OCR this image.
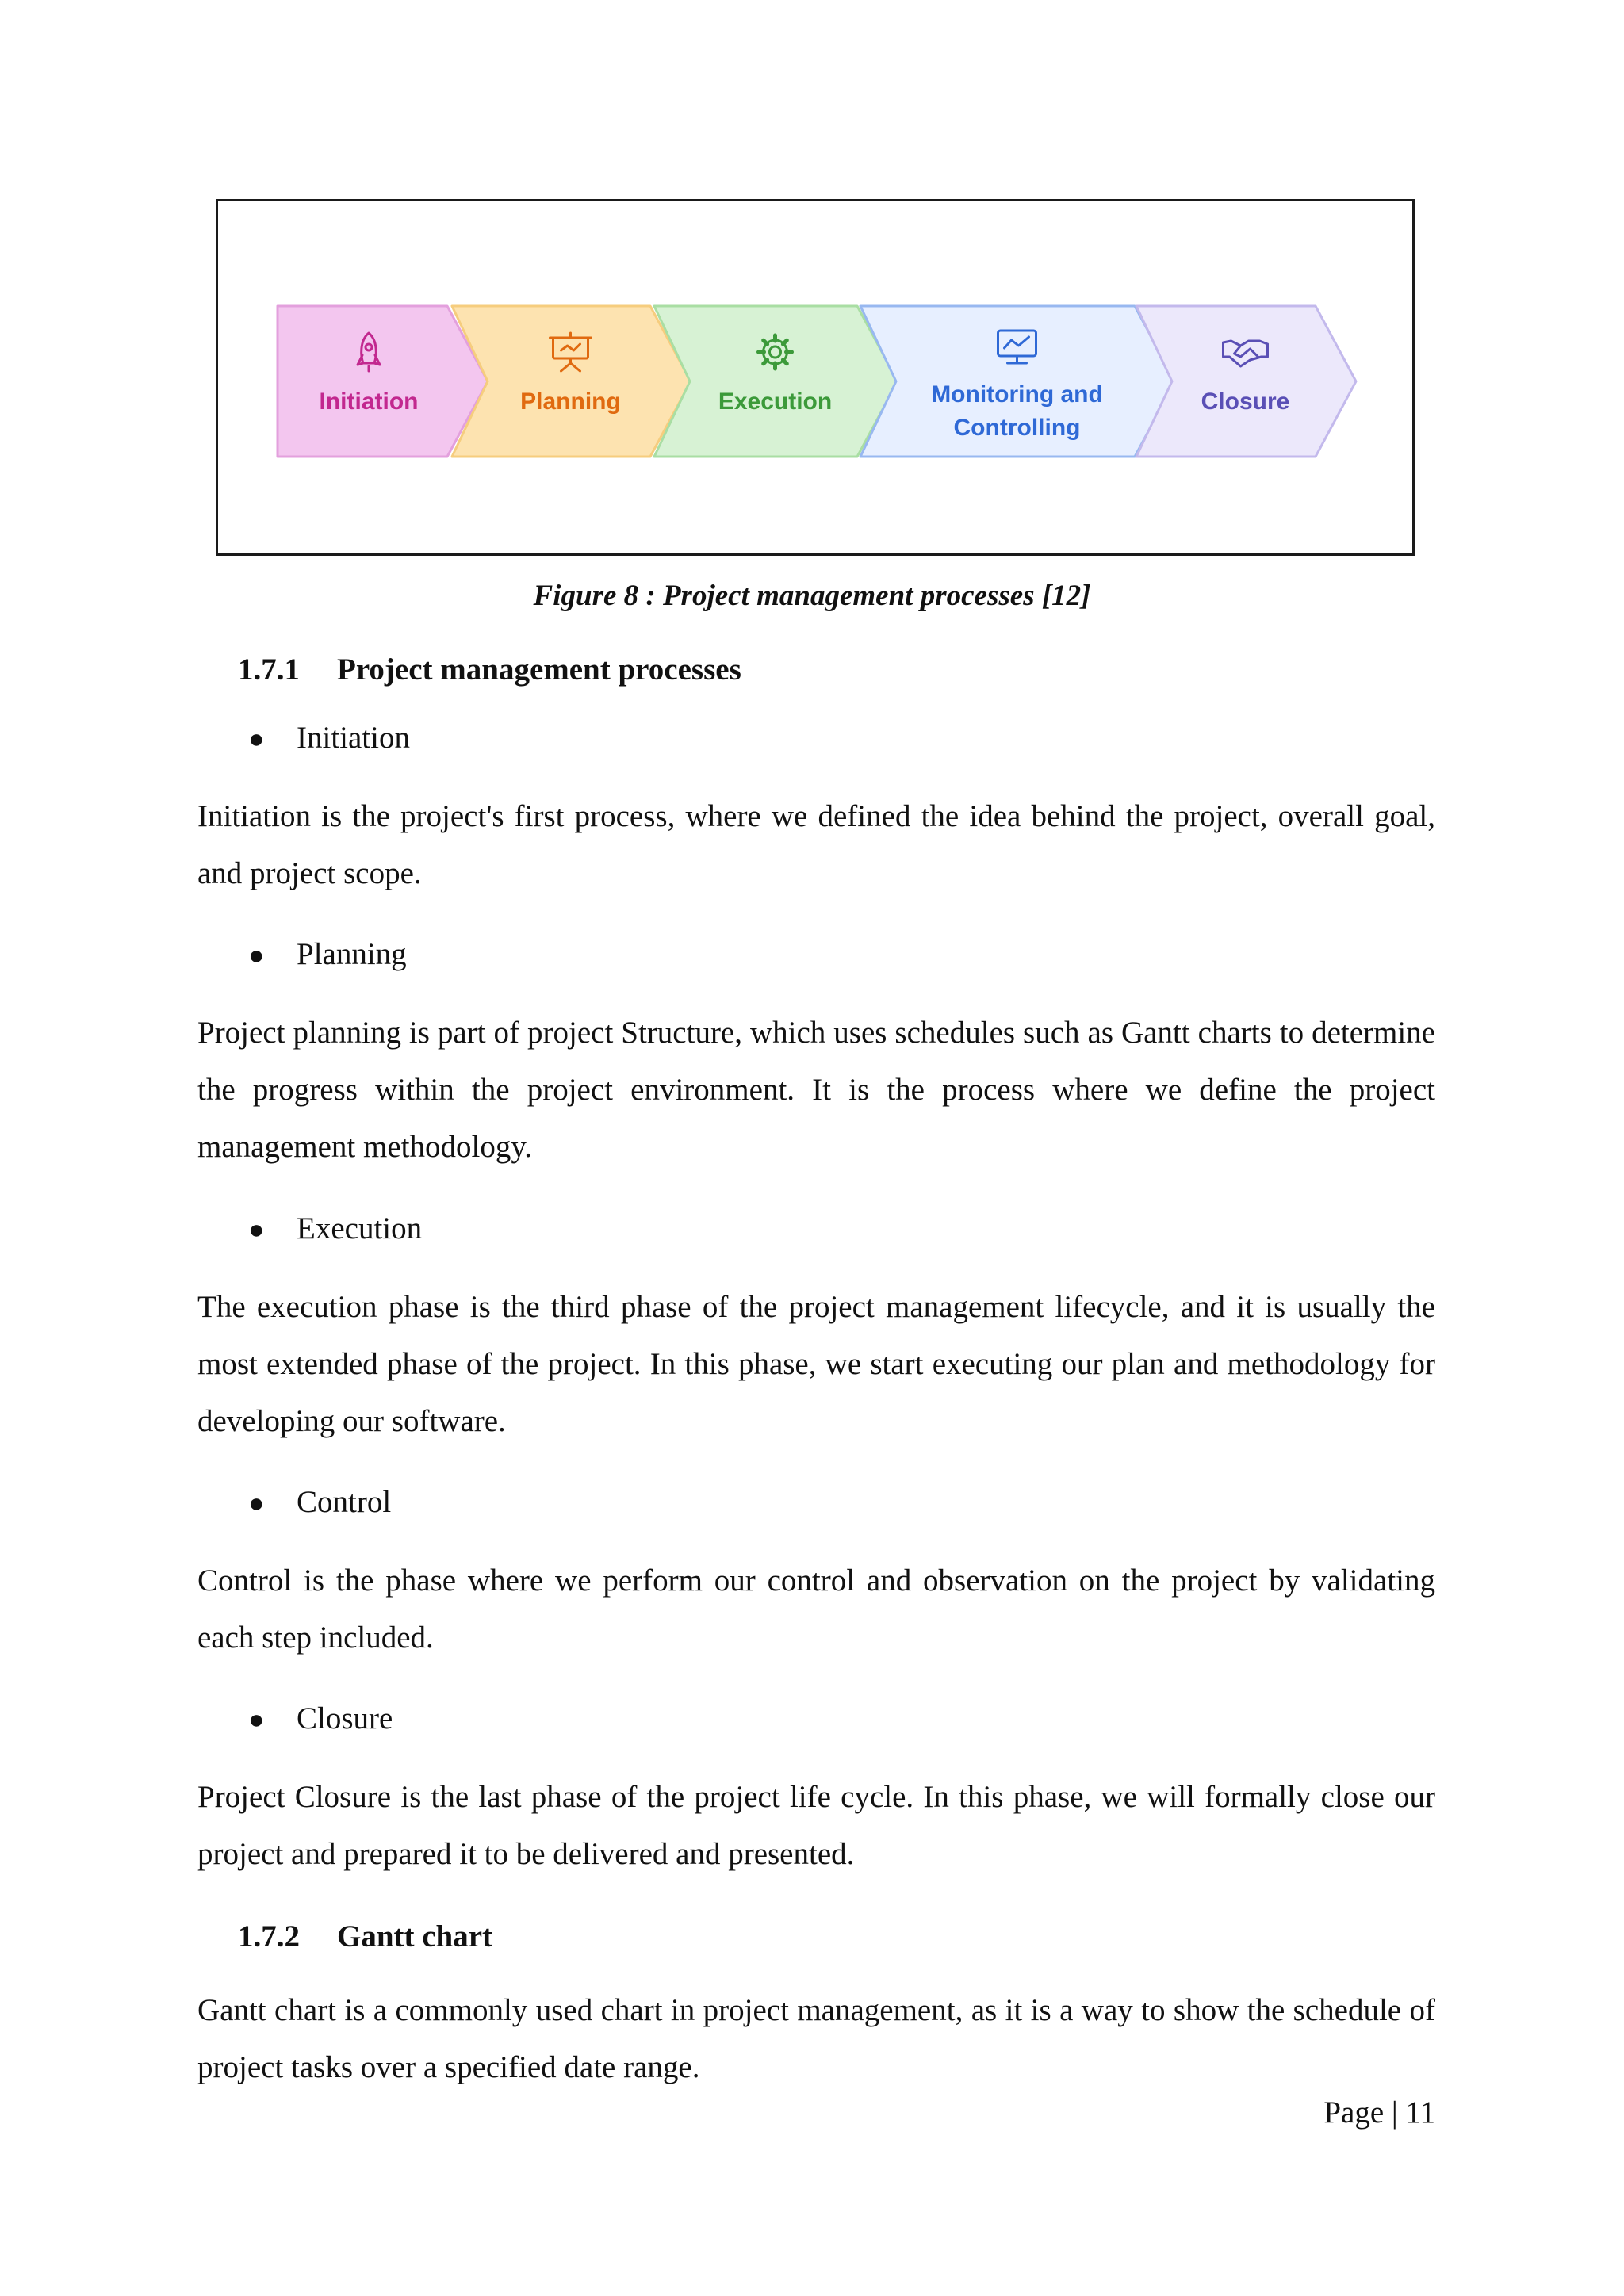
Initiation	Planning	Execution	Monitoring and
Controlling
Closure
Figure 8 : Project management processes [12]
1.7.1 Project management processes
● Initiation
Initiation is the project's first process, where we defined the idea behind the project, overall goal, and project scope.
● Planning
Project planning is part of project Structure, which uses schedules such as Gantt charts to determine the progress within the project environment. It is the process where we define the project management methodology.
● Execution
The execution phase is the third phase of the project management lifecycle, and it is usually the most extended phase of the project. In this phase, we start executing our plan and methodology for developing our software.
● Control
Control is the phase where we perform our control and observation on the project by validating each step included.
● Closure
Project Closure is the last phase of the project life cycle. In this phase, we will formally close our project and prepared it to be delivered and presented.
1.7.2 Gantt chart
Gantt chart is a commonly used chart in project management, as it is a way to show the schedule of project tasks over a specified date range.
Page | 11
